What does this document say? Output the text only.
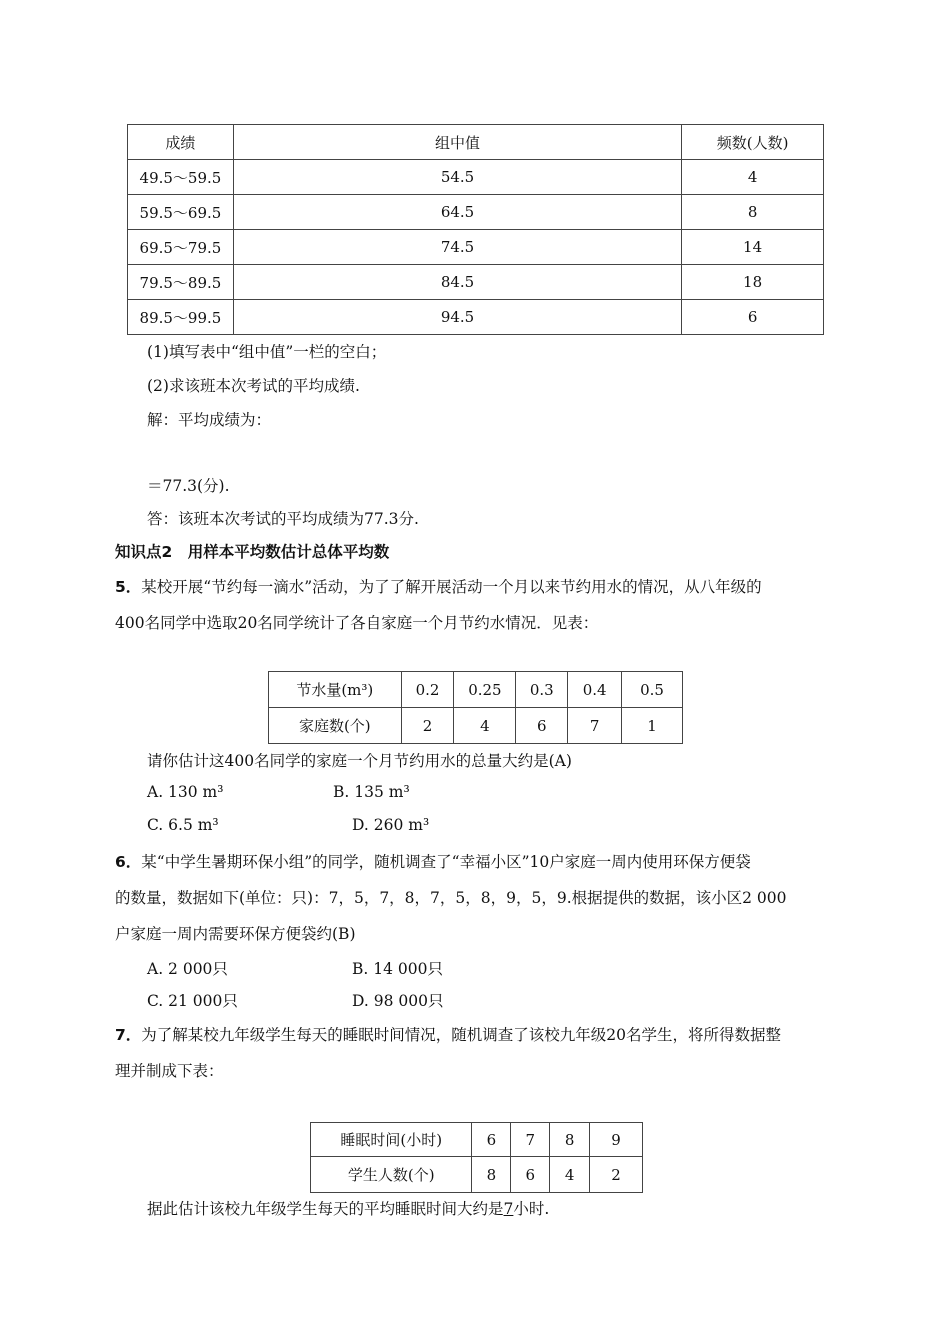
成绩	组中值	频数(人数)
49.5～59.5	54.5	4
59.5～69.5	64.5	8
69.5～79.5	74.5	14
79.5～89.5	84.5	18
89.5～99.5	94.5	6
(1)填写表中“组中值”一栏的空白；
(2)求该班本次考试的平均成绩.
解：平均成绩为：
＝77.3(分).
答：该班本次考试的平均成绩为77.3分.
知识点2　用样本平均数估计总体平均数
5．某校开展“节约每一滴水”活动，为了了解开展活动一个月以来节约用水的情况，从八年级的
400名同学中选取20名同学统计了各自家庭一个月节约水情况．见表：
节水量(m³)	0.2	0.25	0.3	0.4	0.5
家庭数(个)	2	4	6	7	1
请你估计这400名同学的家庭一个月节约用水的总量大约是(A)
A. 130 m³	B. 135 m³
C. 6.5 m³	D. 260 m³
6．某“中学生暑期环保小组”的同学，随机调查了“幸福小区”10户家庭一周内使用环保方便袋
的数量，数据如下(单位：只)：7，5，7，8，7，5，8，9，5，9.根据提供的数据，该小区2 000
户家庭一周内需要环保方便袋约(B)
A. 2 000只	B. 14 000只
C. 21 000只	D. 98 000只
7．为了解某校九年级学生每天的睡眠时间情况，随机调查了该校九年级20名学生，将所得数据整
理并制成下表：
睡眠时间(小时)	6	7	8	9
学生人数(个)	8	6	4	2
据此估计该校九年级学生每天的平均睡眠时间大约是7小时.
